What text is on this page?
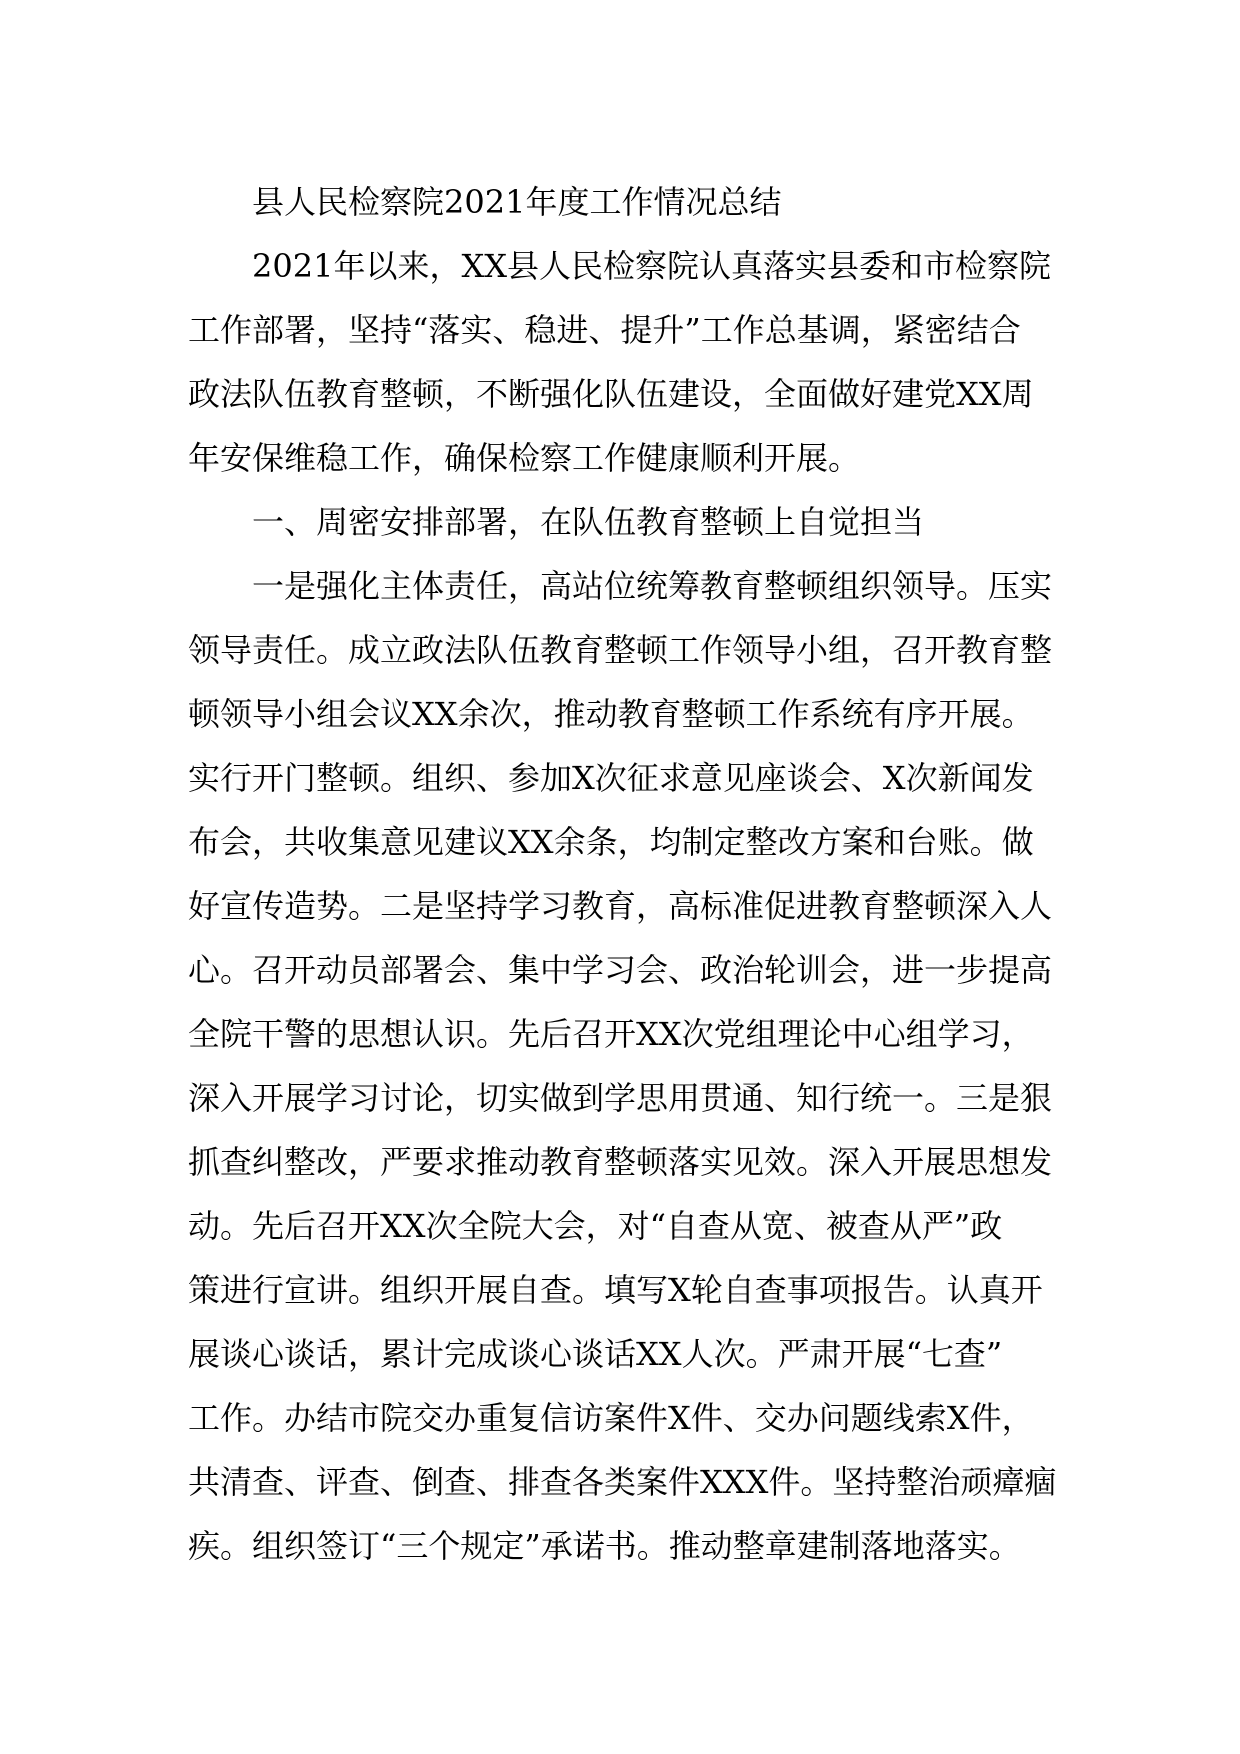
县人民检察院2021年度工作情况总结
2021年以来，XX县人民检察院认真落实县委和市检察院
工作部署，坚持“落实、稳进、提升”工作总基调，紧密结合
政法队伍教育整顿，不断强化队伍建设，全面做好建党XX周
年安保维稳工作，确保检察工作健康顺利开展。
一、周密安排部署，在队伍教育整顿上自觉担当
一是强化主体责任，高站位统筹教育整顿组织领导。压实
领导责任。成立政法队伍教育整顿工作领导小组，召开教育整
顿领导小组会议XX余次，推动教育整顿工作系统有序开展。
实行开门整顿。组织、参加X次征求意见座谈会、X次新闻发
布会，共收集意见建议XX余条，均制定整改方案和台账。做
好宣传造势。二是坚持学习教育，高标准促进教育整顿深入人
心。召开动员部署会、集中学习会、政治轮训会，进一步提高
全院干警的思想认识。先后召开XX次党组理论中心组学习，
深入开展学习讨论，切实做到学思用贯通、知行统一。三是狠
抓查纠整改，严要求推动教育整顿落实见效。深入开展思想发
动。先后召开XX次全院大会，对“自查从宽、被查从严”政
策进行宣讲。组织开展自查。填写X轮自查事项报告。认真开
展谈心谈话，累计完成谈心谈话XX人次。严肃开展“七查”
工作。办结市院交办重复信访案件X件、交办问题线索X件，
共清查、评查、倒查、排查各类案件XXX件。坚持整治顽瘴痼
疾。组织签订“三个规定”承诺书。推动整章建制落地落实。
